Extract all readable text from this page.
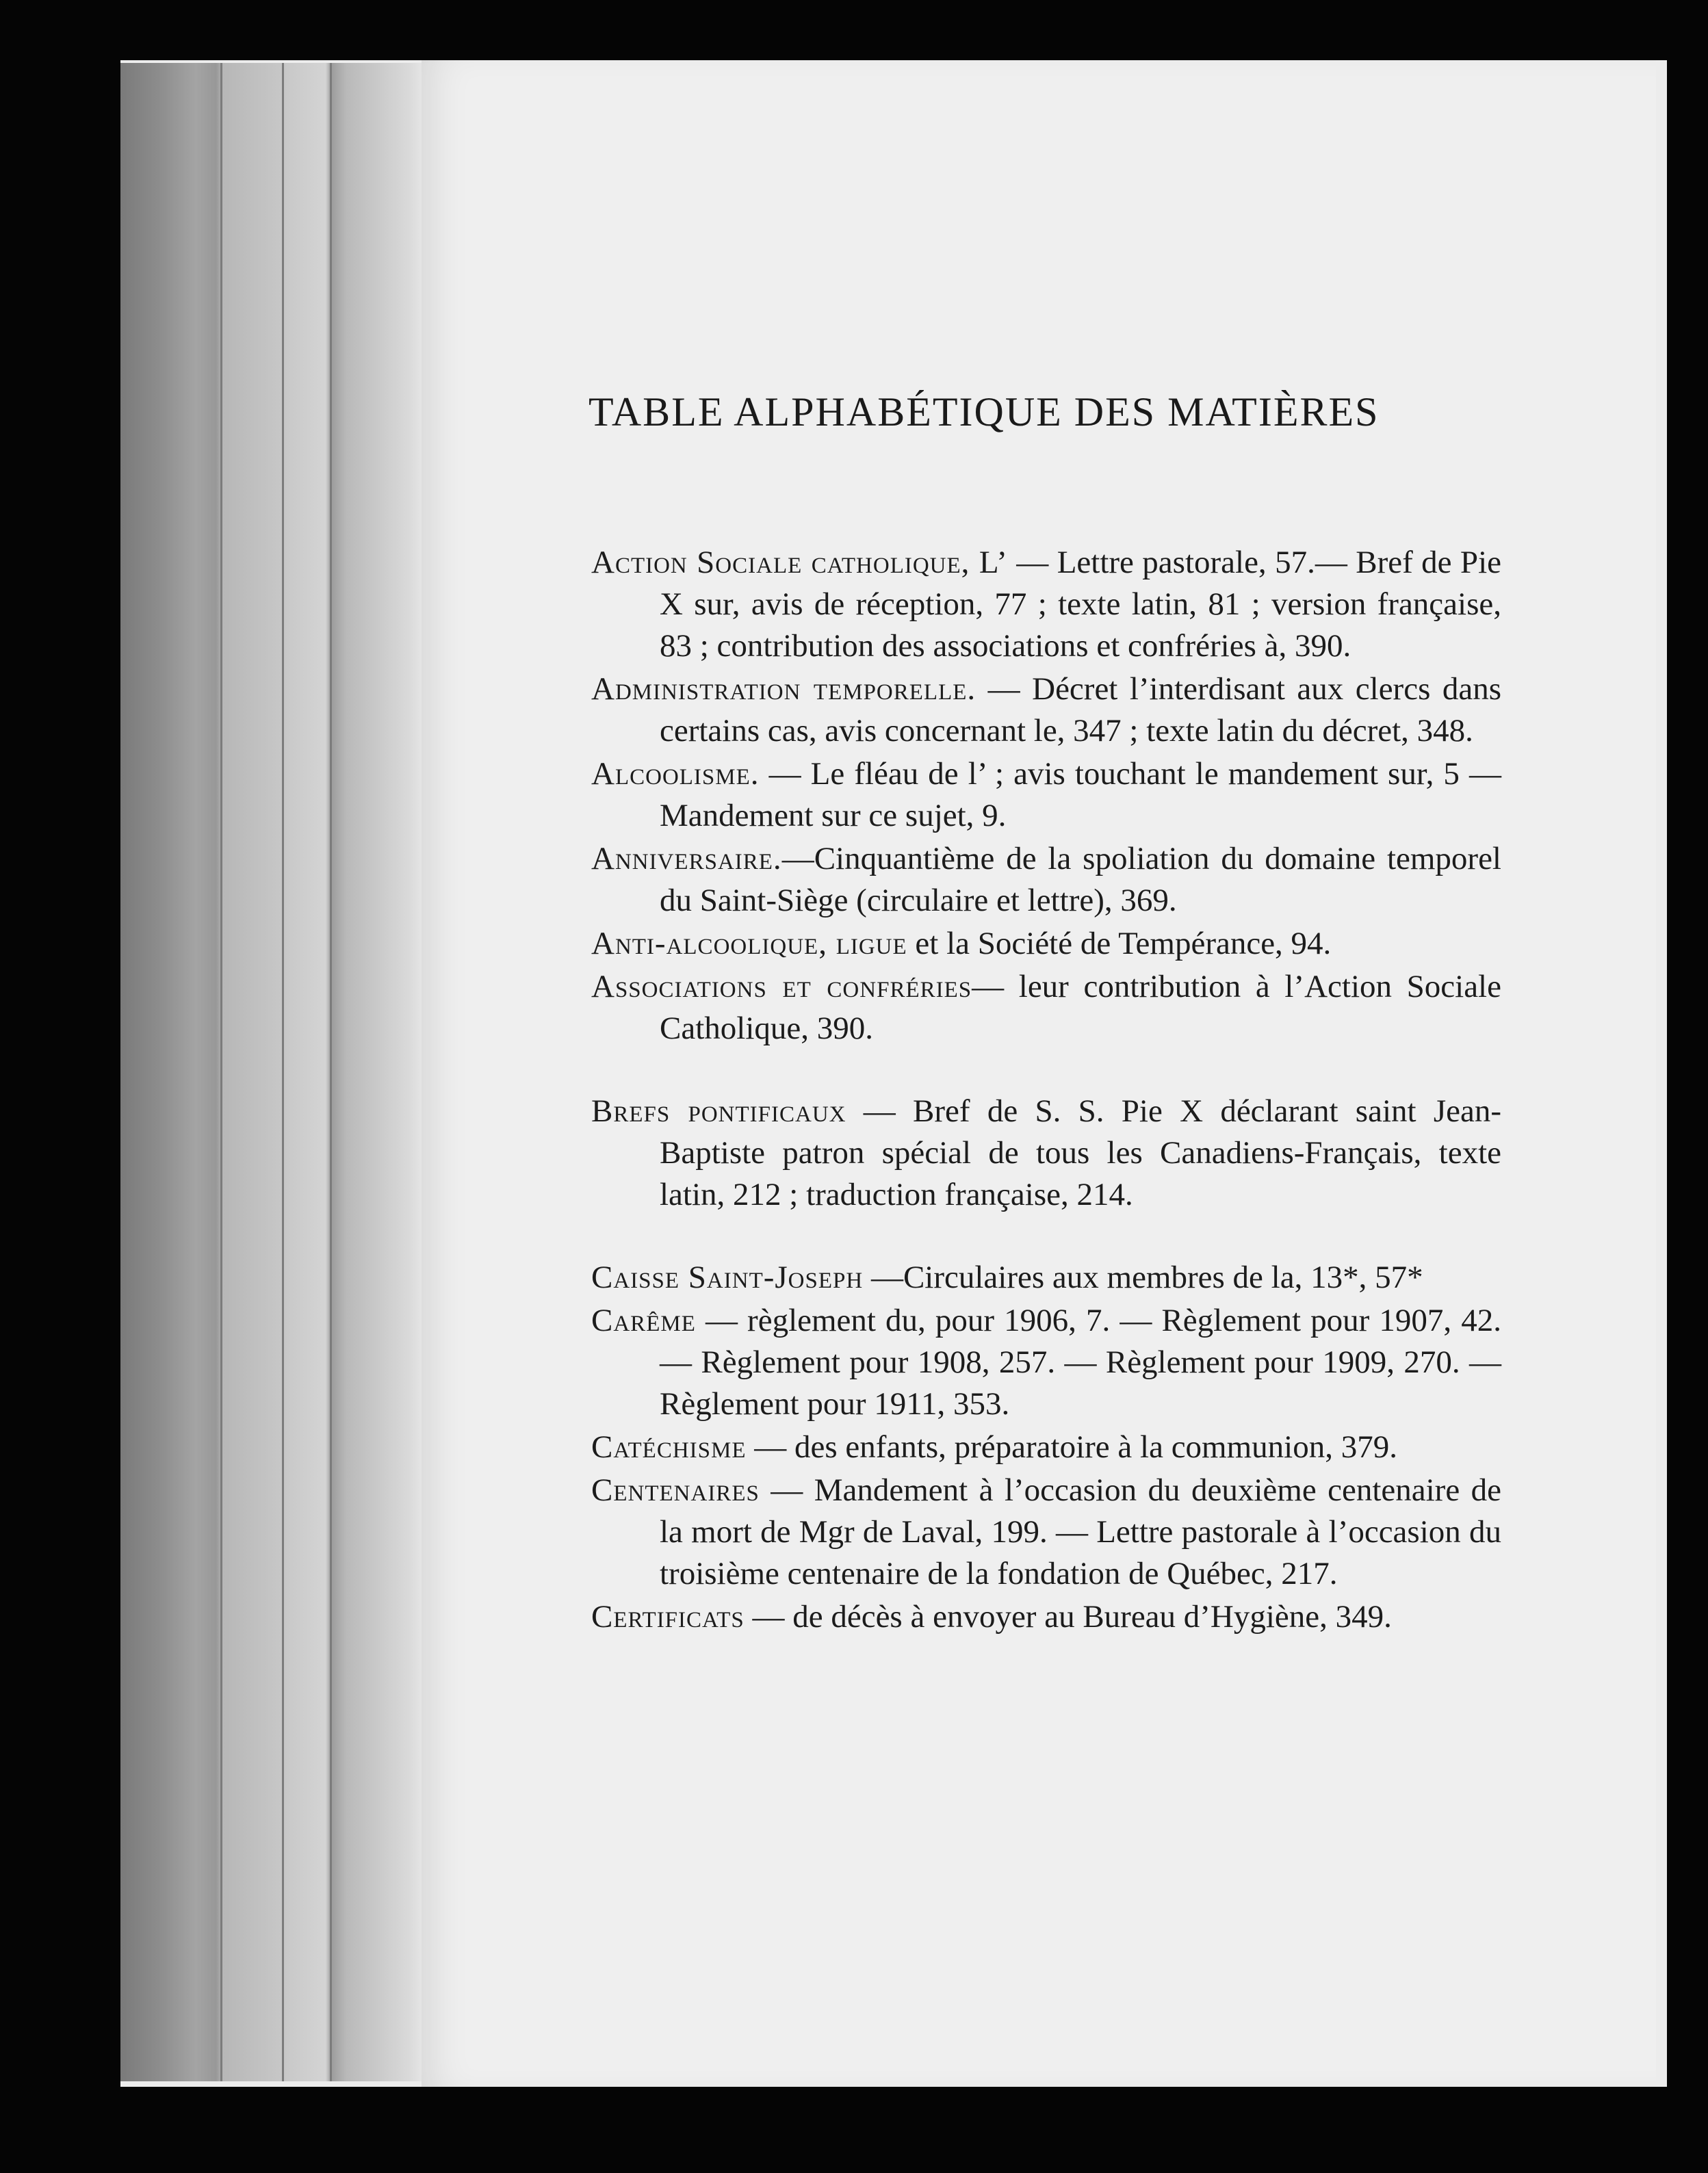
TABLE ALPHABÉTIQUE DES MATIÈRES

Action Sociale catholique, L’ — Lettre pastorale, 57.— Bref de Pie X sur, avis de réception, 77 ; texte latin, 81 ; version française, 83 ; contribution des associations et confréries à, 390.

Administration temporelle. — Décret l’interdisant aux clercs dans certains cas, avis concernant le, 347 ; texte latin du décret, 348.

Alcoolisme. — Le fléau de l’ ; avis touchant le mandement sur, 5 — Mandement sur ce sujet, 9.

Anniversaire.—Cinquantième de la spoliation du domaine temporel du Saint-Siège (circulaire et lettre), 369.

Anti-alcoolique, ligue et la Société de Tempérance, 94.

Associations et confréries— leur contribution à l’Action Sociale Catholique, 390.

Brefs pontificaux — Bref de S. S. Pie X déclarant saint Jean-Baptiste patron spécial de tous les Canadiens-Français, texte latin, 212 ; traduction française, 214.

Caisse Saint-Joseph —Circulaires aux membres de la, 13*, 57*

Carême — règlement du, pour 1906, 7. — Règlement pour 1907, 42. — Règlement pour 1908, 257. — Règlement pour 1909, 270. — Règlement pour 1911, 353.

Catéchisme — des enfants, préparatoire à la communion, 379.

Centenaires — Mandement à l’occasion du deuxième centenaire de la mort de Mgr de Laval, 199. — Lettre pastorale à l’occasion du troisième centenaire de la fondation de Québec, 217.

Certificats — de décès à envoyer au Bureau d’Hygiène, 349.
